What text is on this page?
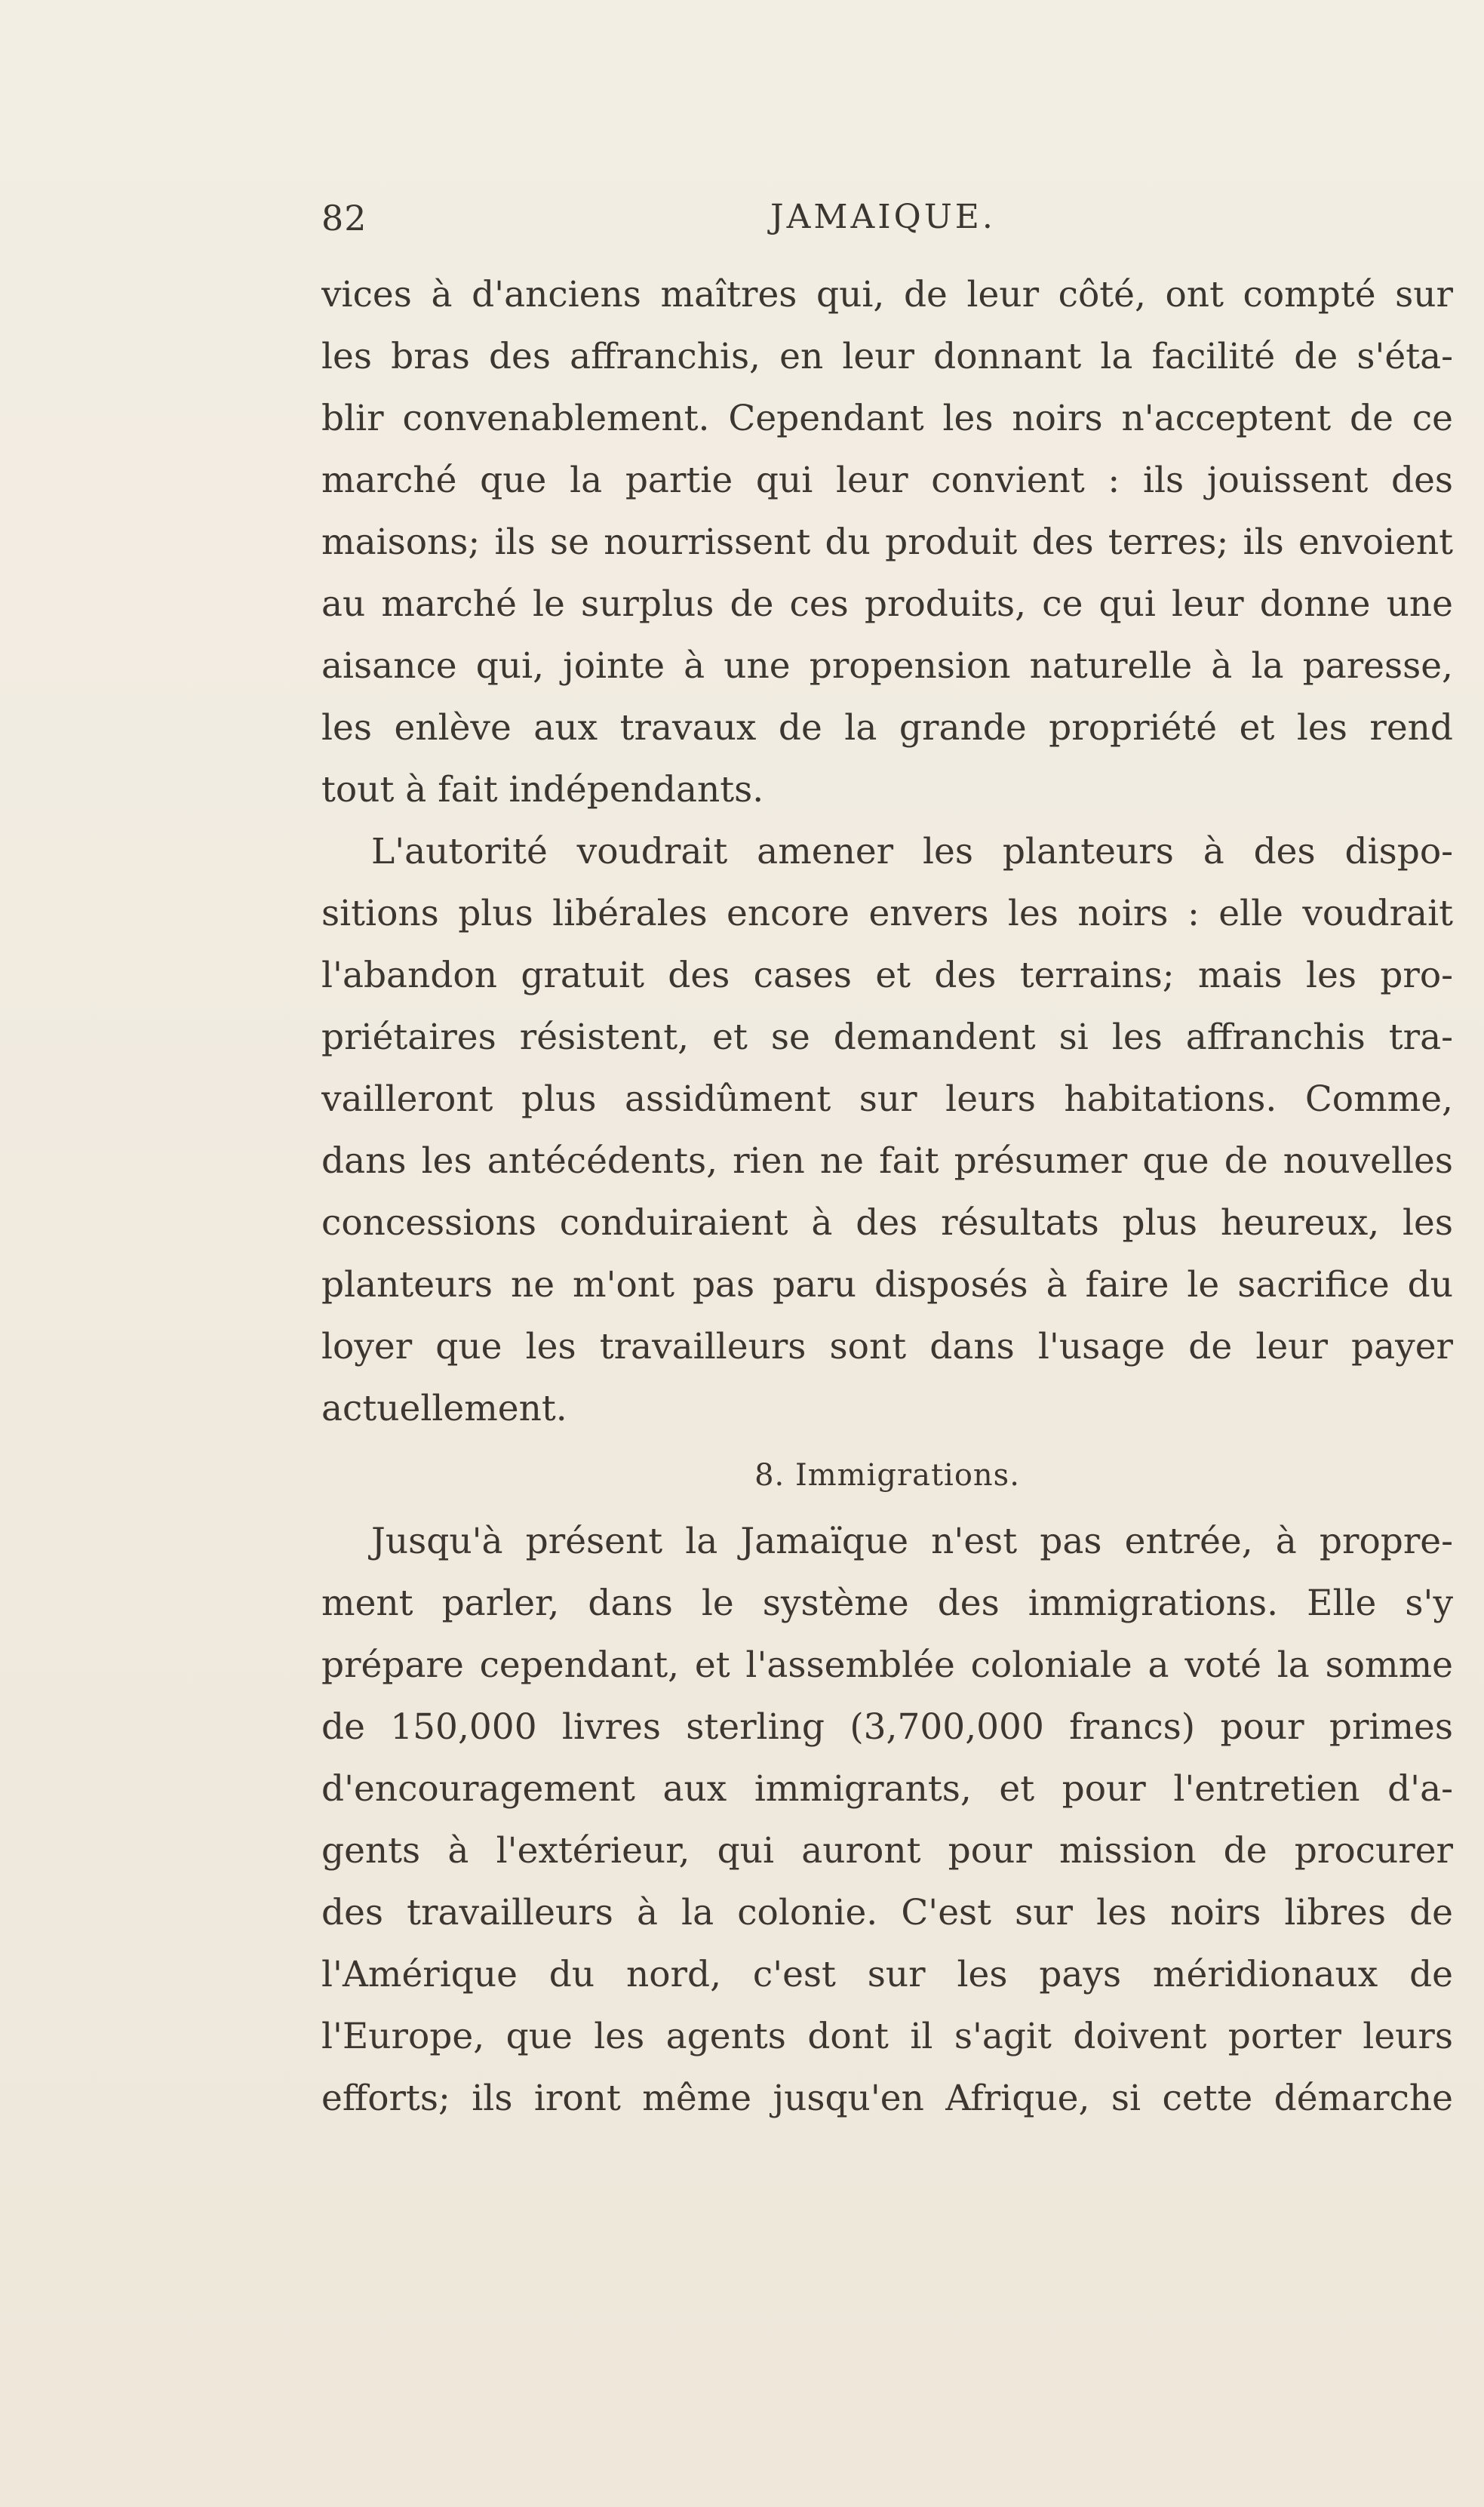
82	JAMAIQUE.
vices à d'anciens maîtres qui, de leur côté, ont compté sur
les bras des affranchis, en leur donnant la facilité de s'éta-
blir convenablement. Cependant les noirs n'acceptent de ce
marché que la partie qui leur convient : ils jouissent des
maisons; ils se nourrissent du produit des terres; ils envoient
au marché le surplus de ces produits, ce qui leur donne une
aisance qui, jointe à une propension naturelle à la paresse,
les enlève aux travaux de la grande propriété et les rend
tout à fait indépendants.
L'autorité voudrait amener les planteurs à des dispo-
sitions plus libérales encore envers les noirs : elle voudrait
l'abandon gratuit des cases et des terrains; mais les pro-
priétaires résistent, et se demandent si les affranchis tra-
vailleront plus assidûment sur leurs habitations. Comme,
dans les antécédents, rien ne fait présumer que de nouvelles
concessions conduiraient à des résultats plus heureux, les
planteurs ne m'ont pas paru disposés à faire le sacrifice du
loyer que les travailleurs sont dans l'usage de leur payer
actuellement.
8. Immigrations.
Jusqu'à présent la Jamaïque n'est pas entrée, à propre-
ment parler, dans le système des immigrations. Elle s'y
prépare cependant, et l'assemblée coloniale a voté la somme
de 150,000 livres sterling (3,700,000 francs) pour primes
d'encouragement aux immigrants, et pour l'entretien d'a-
gents à l'extérieur, qui auront pour mission de procurer
des travailleurs à la colonie. C'est sur les noirs libres de
l'Amérique du nord, c'est sur les pays méridionaux de
l'Europe, que les agents dont il s'agit doivent porter leurs
efforts; ils iront même jusqu'en Afrique, si cette démarche
